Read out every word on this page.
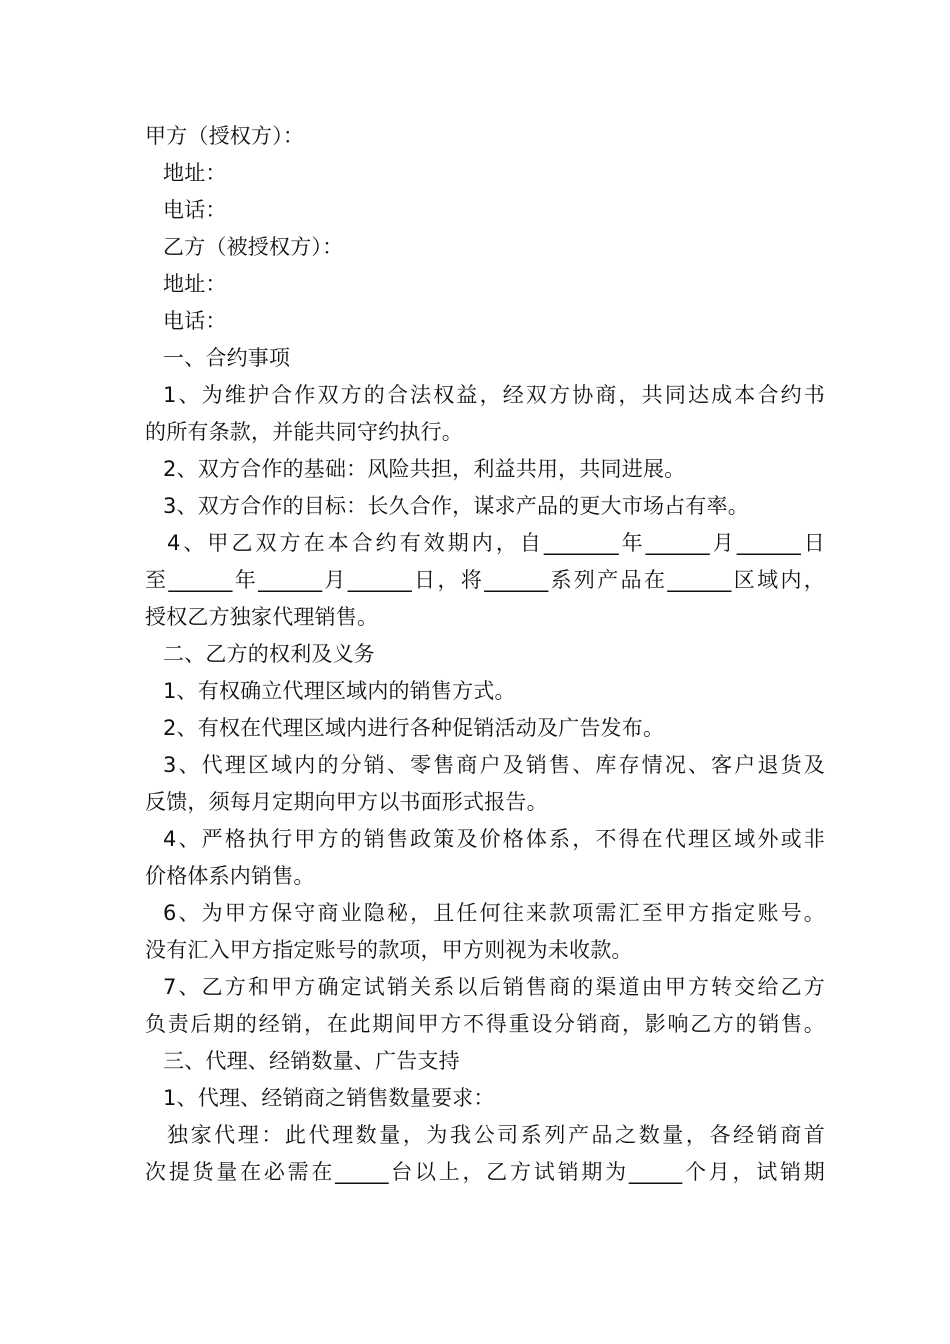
甲方（授权方）：
地址：
电话：
乙方（被授权方）：
地址：
电话：
一、合约事项
1、为维护合作双方的合法权益，经双方协商，共同达成本合约书
的所有条款，并能共同守约执行。
2、双方合作的基础：风险共担，利益共用，共同进展。
3、双方合作的目标：长久合作，谋求产品的更大市场占有率。
4、甲乙双方在本合约有效期内，自_______年______月______日
至______年______月______日，将______系列产品在______区域内，
授权乙方独家代理销售。
二、乙方的权利及义务
1、有权确立代理区域内的销售方式。
2、有权在代理区域内进行各种促销活动及广告发布。
3、代理区域内的分销、零售商户及销售、库存情况、客户退货及
反馈，须每月定期向甲方以书面形式报告。
4、严格执行甲方的销售政策及价格体系，不得在代理区域外或非
价格体系内销售。
6、为甲方保守商业隐秘，且任何往来款项需汇至甲方指定账号。
没有汇入甲方指定账号的款项，甲方则视为未收款。
7、乙方和甲方确定试销关系以后销售商的渠道由甲方转交给乙方
负责后期的经销，在此期间甲方不得重设分销商，影响乙方的销售。
三、代理、经销数量、广告支持
1、代理、经销商之销售数量要求：
独家代理：此代理数量，为我公司系列产品之数量，各经销商首
次提货量在必需在_____台以上，乙方试销期为_____个月，试销期
